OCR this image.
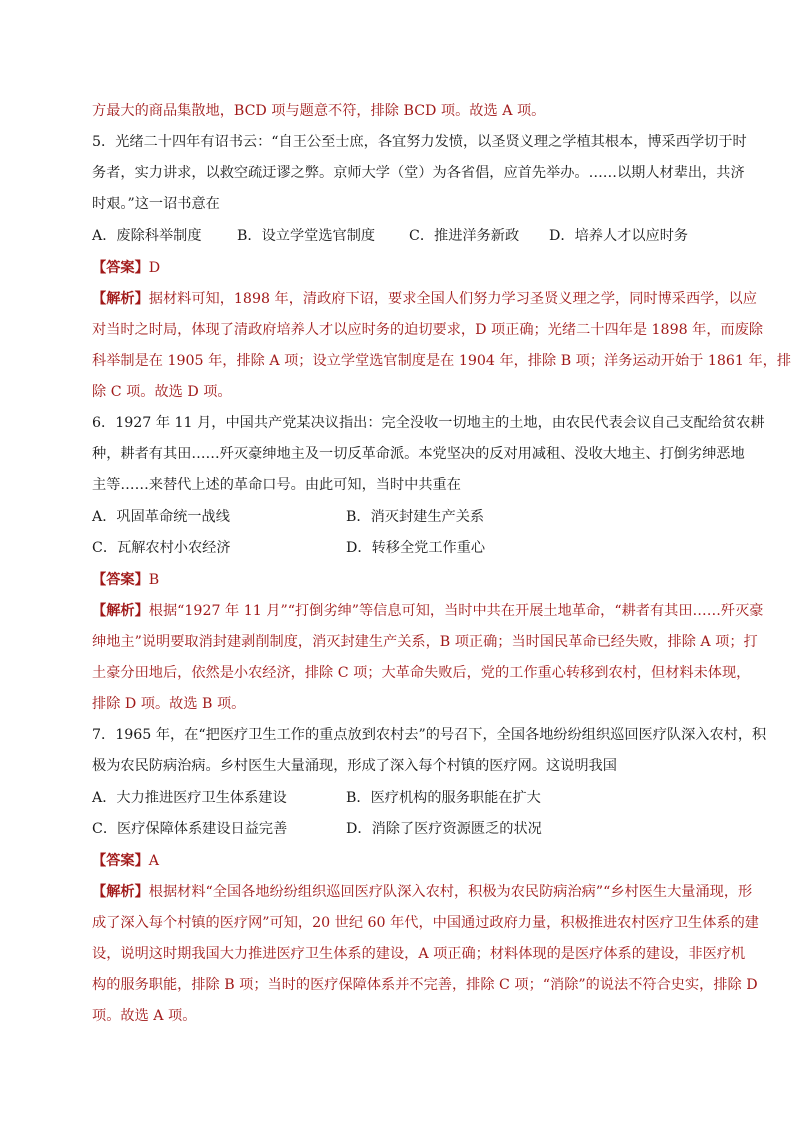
方最大的商品集散地，BCD 项与题意不符，排除 BCD 项。故选 A 项。
5．光绪二十四年有诏书云：“自王公至士庶，各宜努力发愤，以圣贤义理之学植其根本，博采西学切于时
务者，实力讲求，以救空疏迂谬之弊。京师大学（堂）为各省倡，应首先举办。……以期人材辈出，共济
时艰。”这一诏书意在
A．废除科举制度 B．设立学堂选官制度 C．推进洋务新政 D．培养人才以应时务
【答案】D
【解析】据材料可知，1898 年，清政府下诏，要求全国人们努力学习圣贤义理之学，同时博采西学，以应
对当时之时局，体现了清政府培养人才以应时务的迫切要求，D 项正确；光绪二十四年是 1898 年，而废除
科举制是在 1905 年，排除 A 项；设立学堂选官制度是在 1904 年，排除 B 项；洋务运动开始于 1861 年，排
除 C 项。故选 D 项。
6．1927 年 11 月，中国共产党某决议指出：完全没收一切地主的土地，由农民代表会议自己支配给贫农耕
种，耕者有其田……歼灭豪绅地主及一切反革命派。本党坚决的反对用减租、没收大地主、打倒劣绅恶地
主等……来替代上述的革命口号。由此可知，当时中共重在
A．巩固革命统一战线	B．消灭封建生产关系
C．瓦解农村小农经济	D．转移全党工作重心
【答案】B
【解析】根据“1927 年 11 月”“打倒劣绅”等信息可知，当时中共在开展土地革命，“耕者有其田……歼灭豪
绅地主”说明要取消封建剥削制度，消灭封建生产关系，B 项正确；当时国民革命已经失败，排除 A 项；打
土豪分田地后，依然是小农经济，排除 C 项；大革命失败后，党的工作重心转移到农村，但材料未体现，
排除 D 项。故选 B 项。
7．1965 年，在“把医疗卫生工作的重点放到农村去”的号召下，全国各地纷纷组织巡回医疗队深入农村，积
极为农民防病治病。乡村医生大量涌现，形成了深入每个村镇的医疗网。这说明我国
A．大力推进医疗卫生体系建设	B．医疗机构的服务职能在扩大
C．医疗保障体系建设日益完善	D．消除了医疗资源匮乏的状况
【答案】A
【解析】根据材料“全国各地纷纷组织巡回医疗队深入农村，积极为农民防病治病”“乡村医生大量涌现，形
成了深入每个村镇的医疗网”可知，20 世纪 60 年代，中国通过政府力量，积极推进农村医疗卫生体系的建
设，说明这时期我国大力推进医疗卫生体系的建设，A 项正确；材料体现的是医疗体系的建设，非医疗机
构的服务职能，排除 B 项；当时的医疗保障体系并不完善，排除 C 项；“消除”的说法不符合史实，排除 D
项。故选 A 项。
